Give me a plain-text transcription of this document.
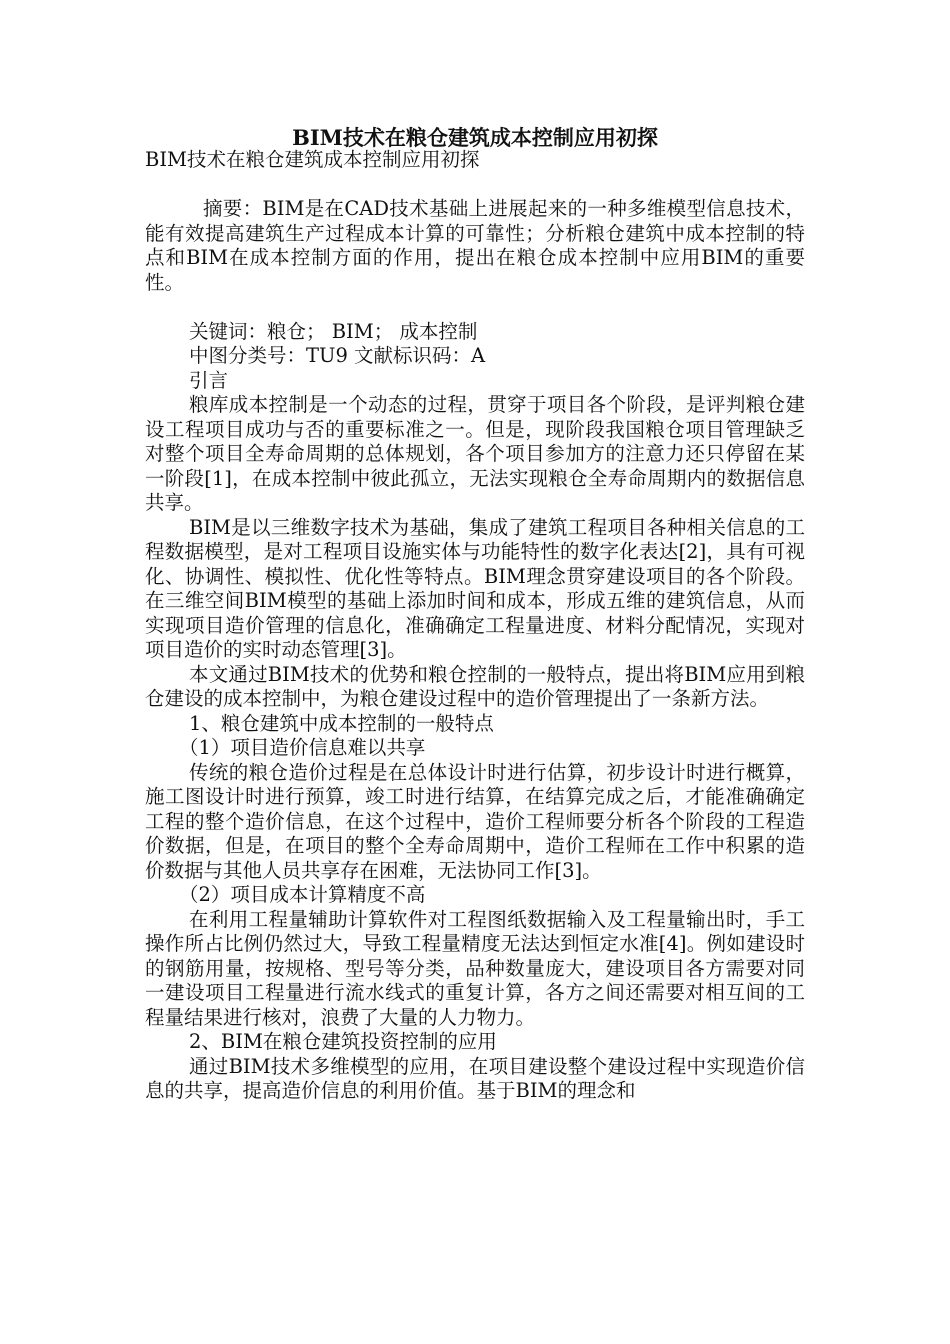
BIM技术在粮仓建筑成本控制应用初探

BIM技术在粮仓建筑成本控制应用初探

摘要：BIM是在CAD技术基础上进展起来的一种多维模型信息技术，能有效提高建筑生产过程成本计算的可靠性；分析粮仓建筑中成本控制的特点和BIM在成本控制方面的作用，提出在粮仓成本控制中应用BIM的重要性。

关键词：粮仓； BIM； 成本控制

中图分类号：TU9 文献标识码：A

引言

粮库成本控制是一个动态的过程，贯穿于项目各个阶段，是评判粮仓建设工程项目成功与否的重要标准之一。但是，现阶段我国粮仓项目管理缺乏对整个项目全寿命周期的总体规划，各个项目参加方的注意力还只停留在某一阶段[1]，在成本控制中彼此孤立，无法实现粮仓全寿命周期内的数据信息共享。

BIM是以三维数字技术为基础，集成了建筑工程项目各种相关信息的工程数据模型，是对工程项目设施实体与功能特性的数字化表达[2]，具有可视化、协调性、模拟性、优化性等特点。BIM理念贯穿建设项目的各个阶段。在三维空间BIM模型的基础上添加时间和成本，形成五维的建筑信息，从而实现项目造价管理的信息化，准确确定工程量进度、材料分配情况，实现对项目造价的实时动态管理[3]。

本文通过BIM技术的优势和粮仓控制的一般特点，提出将BIM应用到粮仓建设的成本控制中，为粮仓建设过程中的造价管理提出了一条新方法。

1、粮仓建筑中成本控制的一般特点

（1）项目造价信息难以共享

传统的粮仓造价过程是在总体设计时进行估算，初步设计时进行概算，施工图设计时进行预算，竣工时进行结算，在结算完成之后，才能准确确定工程的整个造价信息，在这个过程中，造价工程师要分析各个阶段的工程造价数据，但是，在项目的整个全寿命周期中，造价工程师在工作中积累的造价数据与其他人员共享存在困难，无法协同工作[3]。

（2）项目成本计算精度不高

在利用工程量辅助计算软件对工程图纸数据输入及工程量输出时，手工操作所占比例仍然过大，导致工程量精度无法达到恒定水准[4]。例如建设时的钢筋用量，按规格、型号等分类，品种数量庞大，建设项目各方需要对同一建设项目工程量进行流水线式的重复计算，各方之间还需要对相互间的工程量结果进行核对，浪费了大量的人力物力。

2、BIM在粮仓建筑投资控制的应用

通过BIM技术多维模型的应用，在项目建设整个建设过程中实现造价信息的共享，提高造价信息的利用价值。基于BIM的理念和
